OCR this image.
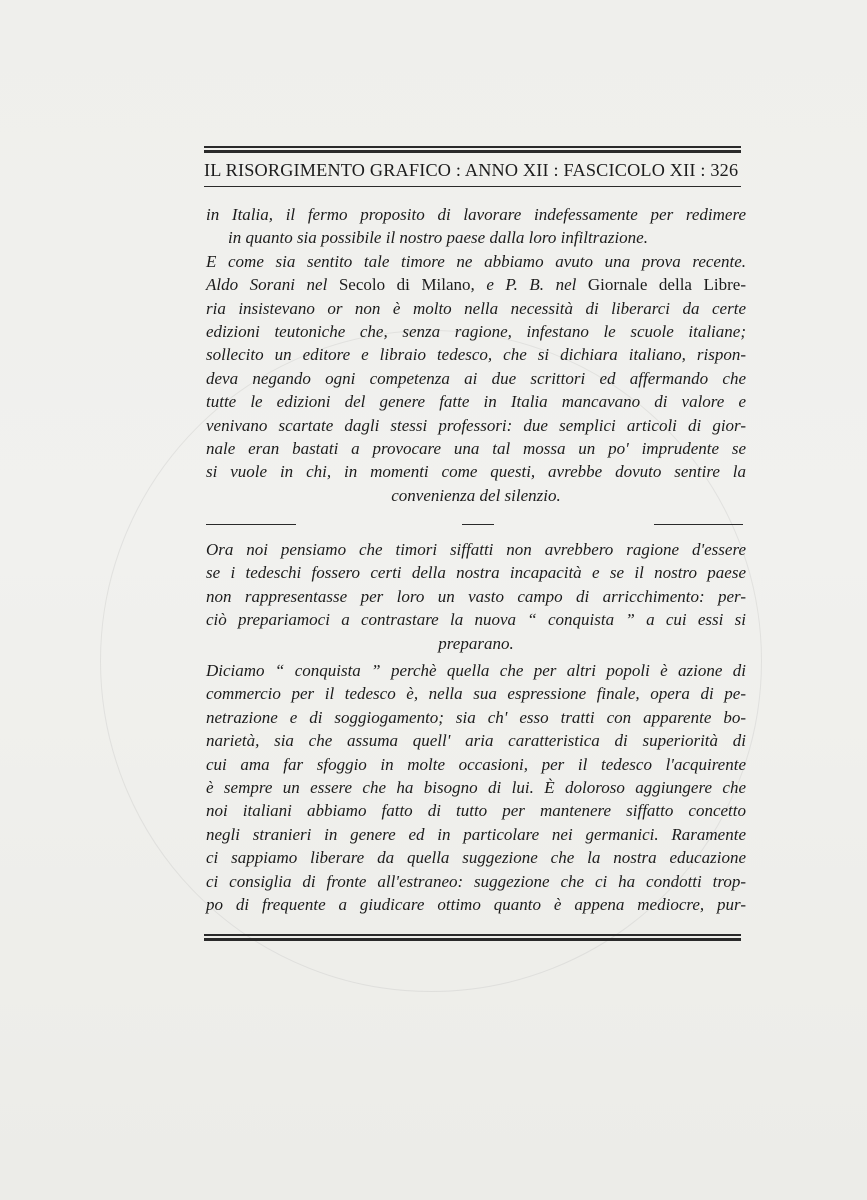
IL RISORGIMENTO GRAFICO : ANNO XII : FASCICOLO XII : 326
in Italia, il fermo proposito di lavorare indefessamente per redimere
in quanto sia possibile il nostro paese dalla loro infiltrazione.
E come sia sentito tale timore ne abbiamo avuto una prova recente.
Aldo Sorani nel Secolo di Milano, e P. B. nel Giornale della Libre-
ria insistevano or non è molto nella necessità di liberarci da certe
edizioni teutoniche che, senza ragione, infestano le scuole italiane;
sollecito un editore e libraio tedesco, che si dichiara italiano, rispon-
deva negando ogni competenza ai due scrittori ed affermando che
tutte le edizioni del genere fatte in Italia mancavano di valore e
venivano scartate dagli stessi professori: due semplici articoli di gior-
nale eran bastati a provocare una tal mossa un po' imprudente se
si vuole in chi, in momenti come questi, avrebbe dovuto sentire la
convenienza del silenzio.
Ora noi pensiamo che timori siffatti non avrebbero ragione d'essere
se i tedeschi fossero certi della nostra incapacità e se il nostro paese
non rappresentasse per loro un vasto campo di arricchimento: per-
ciò prepariamoci a contrastare la nuova “ conquista ” a cui essi si
preparano.
Diciamo “ conquista ” perchè quella che per altri popoli è azione di
commercio per il tedesco è, nella sua espressione finale, opera di pe-
netrazione e di soggiogamento; sia ch' esso tratti con apparente bo-
narietà, sia che assuma quell' aria caratteristica di superiorità di
cui ama far sfoggio in molte occasioni, per il tedesco l'acquirente
è sempre un essere che ha bisogno di lui. È doloroso aggiungere che
noi italiani abbiamo fatto di tutto per mantenere siffatto concetto
negli stranieri in genere ed in particolare nei germanici. Raramente
ci sappiamo liberare da quella suggezione che la nostra educazione
ci consiglia di fronte all'estraneo: suggezione che ci ha condotti trop-
po di frequente a giudicare ottimo quanto è appena mediocre, pur-
